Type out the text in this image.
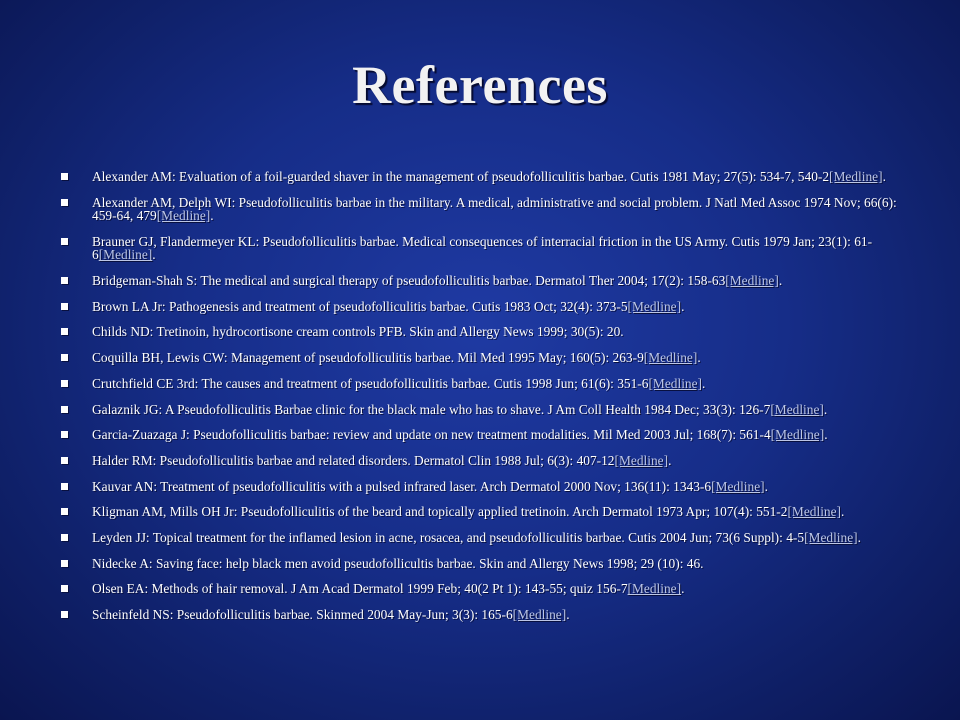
References
Alexander AM: Evaluation of a foil-guarded shaver in the management of pseudofolliculitis barbae. Cutis 1981 May; 27(5): 534-7, 540-2[Medline].
Alexander AM, Delph WI: Pseudofolliculitis barbae in the military. A medical, administrative and social problem. J Natl Med Assoc 1974 Nov; 66(6): 459-64, 479[Medline].
Brauner GJ, Flandermeyer KL: Pseudofolliculitis barbae. Medical consequences of interracial friction in the US Army. Cutis 1979 Jan; 23(1): 61-6[Medline].
Bridgeman-Shah S: The medical and surgical therapy of pseudofolliculitis barbae. Dermatol Ther 2004; 17(2): 158-63[Medline].
Brown LA Jr: Pathogenesis and treatment of pseudofolliculitis barbae. Cutis 1983 Oct; 32(4): 373-5[Medline].
Childs ND: Tretinoin, hydrocortisone cream controls PFB. Skin and Allergy News 1999; 30(5): 20.
Coquilla BH, Lewis CW: Management of pseudofolliculitis barbae. Mil Med 1995 May; 160(5): 263-9[Medline].
Crutchfield CE 3rd: The causes and treatment of pseudofolliculitis barbae. Cutis 1998 Jun; 61(6): 351-6[Medline].
Galaznik JG: A Pseudofolliculitis Barbae clinic for the black male who has to shave. J Am Coll Health 1984 Dec; 33(3): 126-7[Medline].
Garcia-Zuazaga J: Pseudofolliculitis barbae: review and update on new treatment modalities. Mil Med 2003 Jul; 168(7): 561-4[Medline].
Halder RM: Pseudofolliculitis barbae and related disorders. Dermatol Clin 1988 Jul; 6(3): 407-12[Medline].
Kauvar AN: Treatment of pseudofolliculitis with a pulsed infrared laser. Arch Dermatol 2000 Nov; 136(11): 1343-6[Medline].
Kligman AM, Mills OH Jr: Pseudofolliculitis of the beard and topically applied tretinoin. Arch Dermatol 1973 Apr; 107(4): 551-2[Medline].
Leyden JJ: Topical treatment for the inflamed lesion in acne, rosacea, and pseudofolliculitis barbae. Cutis 2004 Jun; 73(6 Suppl): 4-5[Medline].
Nidecke A: Saving face: help black men avoid pseudofollicultis barbae. Skin and Allergy News 1998; 29 (10): 46.
Olsen EA: Methods of hair removal. J Am Acad Dermatol 1999 Feb; 40(2 Pt 1): 143-55; quiz 156-7[Medline].
Scheinfeld NS: Pseudofolliculitis barbae. Skinmed 2004 May-Jun; 3(3): 165-6[Medline].
